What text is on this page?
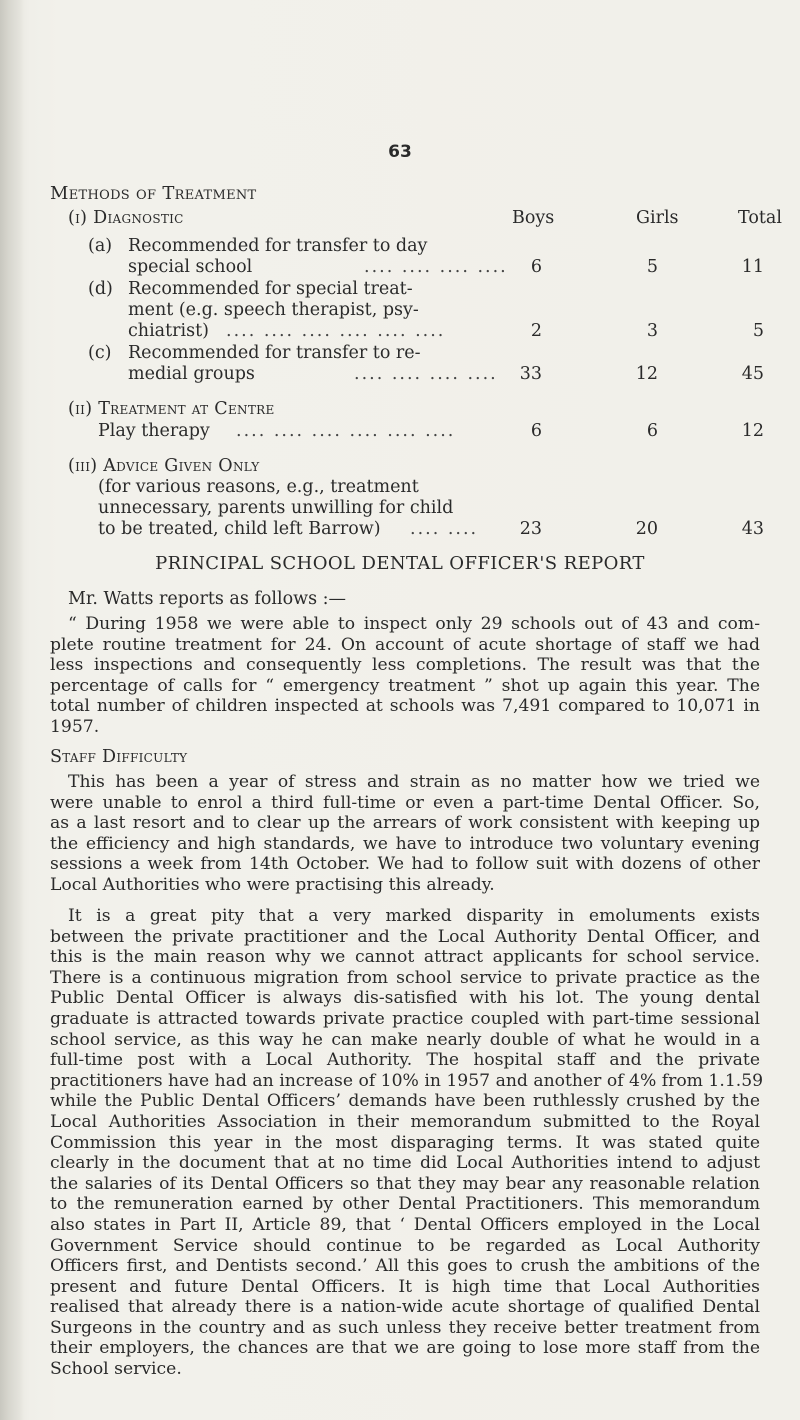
63
Methods of Treatment
Boys	Girls	Total
(i) Diagnostic
(a) Recommended for transfer to day
special school	.... .... .... ....	6	5	11
(d) Recommended for special treat-
ment (e.g. speech therapist, psy-
chiatrist) .... .... .... .... .... ....	2	3	5
(c) Recommended for transfer to re-
medial groups	.... .... .... ....	33	12	45
(ii) Treatment at Centre
Play therapy .... .... .... .... .... ....	6	6	12
(iii) Advice Given Only
(for various reasons, e.g., treatment
unnecessary, parents unwilling for child
to be treated, child left Barrow) .... ....	23	20	43
PRINCIPAL SCHOOL DENTAL OFFICER'S REPORT
Mr. Watts reports as follows :—
“ During 1958 we were able to inspect only 29 schools out of 43 and com-
plete routine treatment for 24. On account of acute shortage of staff we had
less inspections and consequently less completions. The result was that the
percentage of calls for “ emergency treatment ” shot up again this year. The
total number of children inspected at schools was 7,491 compared to 10,071 in
1957.
Staff Difficulty
This has been a year of stress and strain as no matter how we tried we
were unable to enrol a third full-time or even a part-time Dental Officer. So,
as a last resort and to clear up the arrears of work consistent with keeping up
the efficiency and high standards, we have to introduce two voluntary evening
sessions a week from 14th October. We had to follow suit with dozens of other
Local Authorities who were practising this already.
It is a great pity that a very marked disparity in emoluments exists
between the private practitioner and the Local Authority Dental Officer, and
this is the main reason why we cannot attract applicants for school service.
There is a continuous migration from school service to private practice as the
Public Dental Officer is always dis-satisfied with his lot. The young dental
graduate is attracted towards private practice coupled with part-time sessional
school service, as this way he can make nearly double of what he would in a
full-time post with a Local Authority. The hospital staff and the private
practitioners have had an increase of 10% in 1957 and another of 4% from 1.1.59
while the Public Dental Officers’ demands have been ruthlessly crushed by the
Local Authorities Association in their memorandum submitted to the Royal
Commission this year in the most disparaging terms. It was stated quite
clearly in the document that at no time did Local Authorities intend to adjust
the salaries of its Dental Officers so that they may bear any reasonable relation
to the remuneration earned by other Dental Practitioners. This memorandum
also states in Part II, Article 89, that ‘ Dental Officers employed in the Local
Government Service should continue to be regarded as Local Authority
Officers first, and Dentists second.’ All this goes to crush the ambitions of the
present and future Dental Officers. It is high time that Local Authorities
realised that already there is a nation-wide acute shortage of qualified Dental
Surgeons in the country and as such unless they receive better treatment from
their employers, the chances are that we are going to lose more staff from the
School service.
